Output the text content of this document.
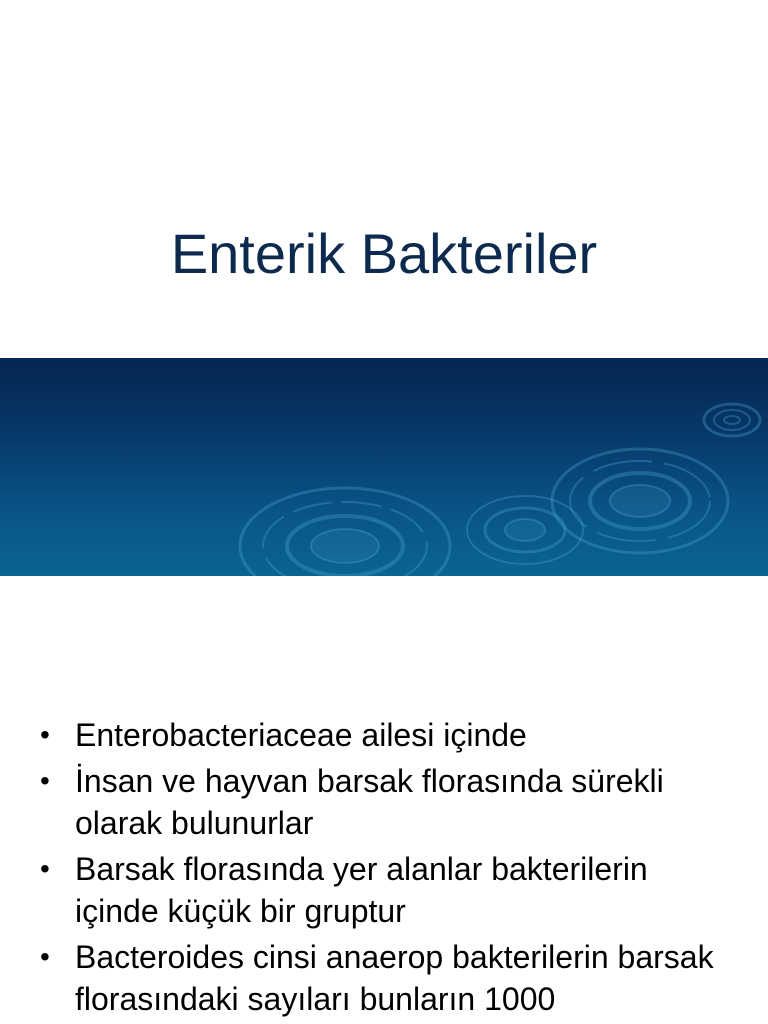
Enterik Bakteriler
• Enterobacteriaceae ailesi içinde
• İnsan ve hayvan barsak florasında sürekli olarak bulunurlar
• Barsak florasında yer alanlar bakterilerin içinde küçük bir gruptur
• Bacteroides cinsi anaerop bakterilerin barsak florasındaki sayıları bunların 1000
